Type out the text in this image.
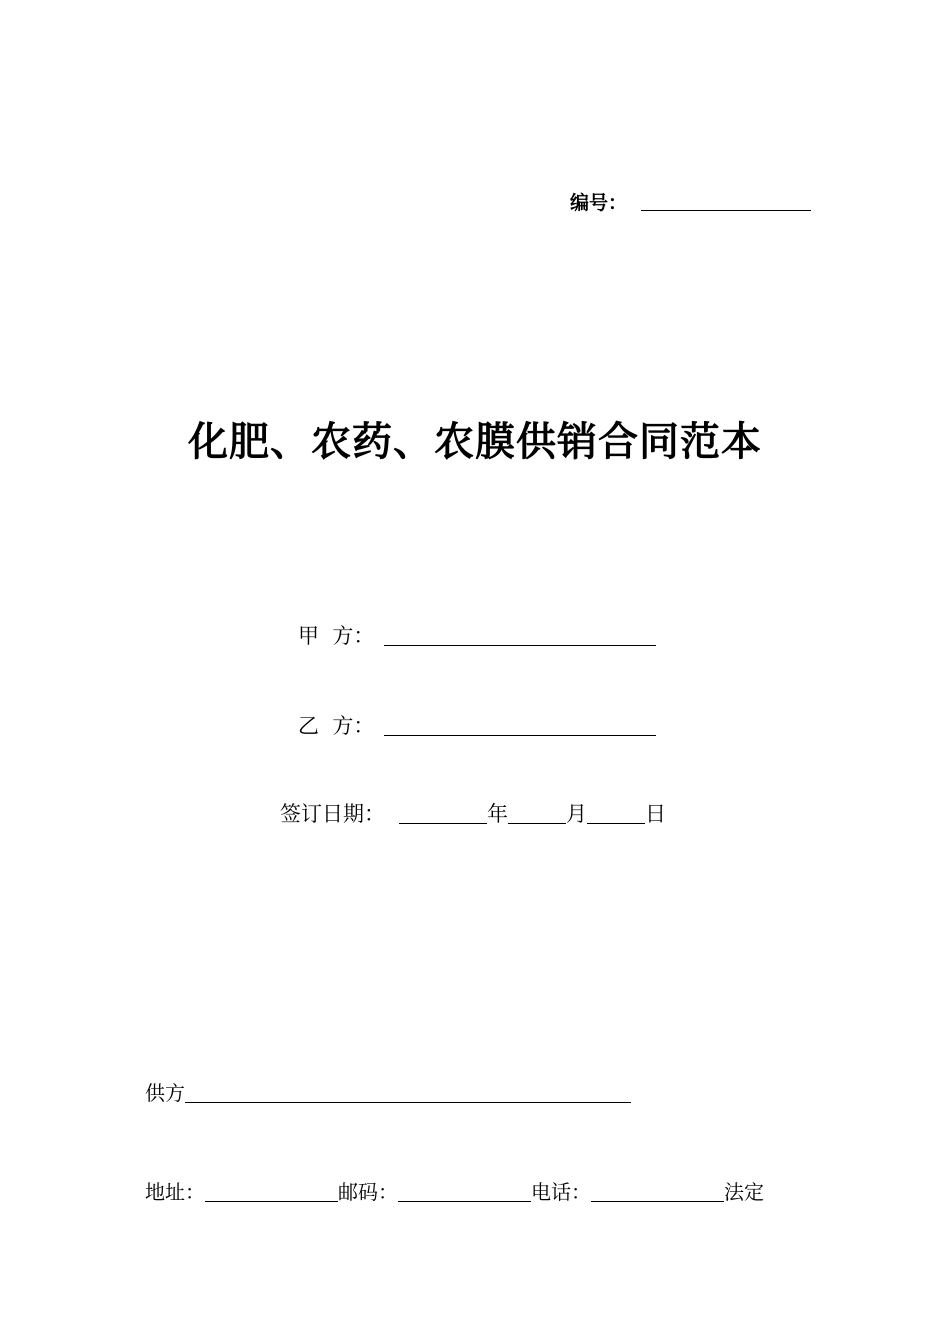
编号：
化肥、农药、农膜供销合同范本
甲  方：
乙  方：
签订日期：	年	月	日
供方
地址：	邮码：	电话：	法定
